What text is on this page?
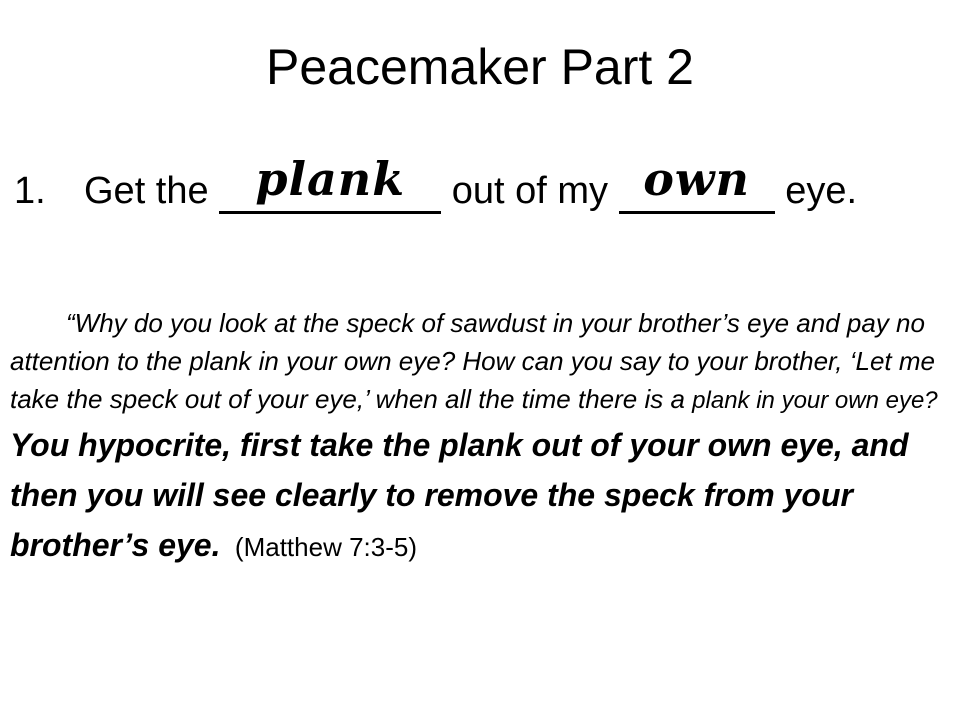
Peacemaker Part 2
1. Get the plank out of my own eye.
“Why do you look at the speck of sawdust in your brother’s eye and pay no attention to the plank in your own eye? How can you say to your brother, ‘Let me take the speck out of your eye,’ when all the time there is a plank in your own eye? You hypocrite, first take the plank out of your own eye, and then you will see clearly to remove the speck from your brother’s eye. (Matthew 7:3-5)
